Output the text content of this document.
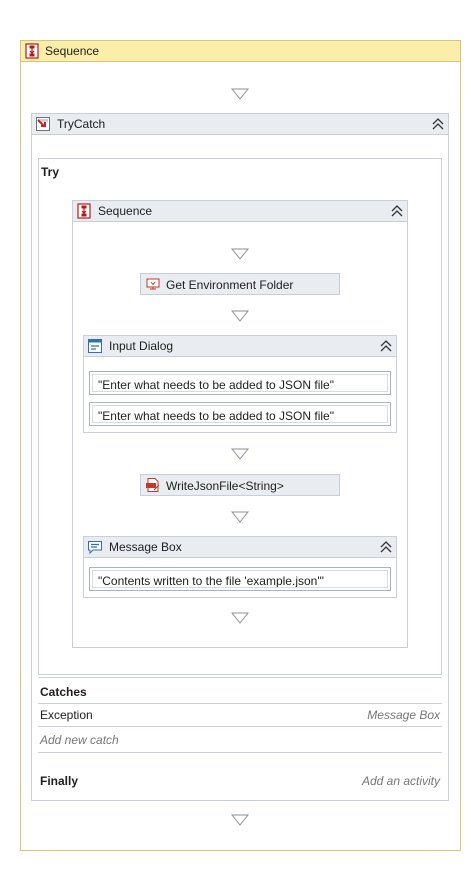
Sequence
TryCatch
Try
Catches
Exception	Message Box
Add new catch
Finally	Add an activity
Sequence
Get Environment Folder
Input Dialog
"Enter what needs to be added to JSON file"
"Enter what needs to be added to JSON file"
WriteJsonFile<String>
Message Box
"Contents written to the file 'example.json'"
